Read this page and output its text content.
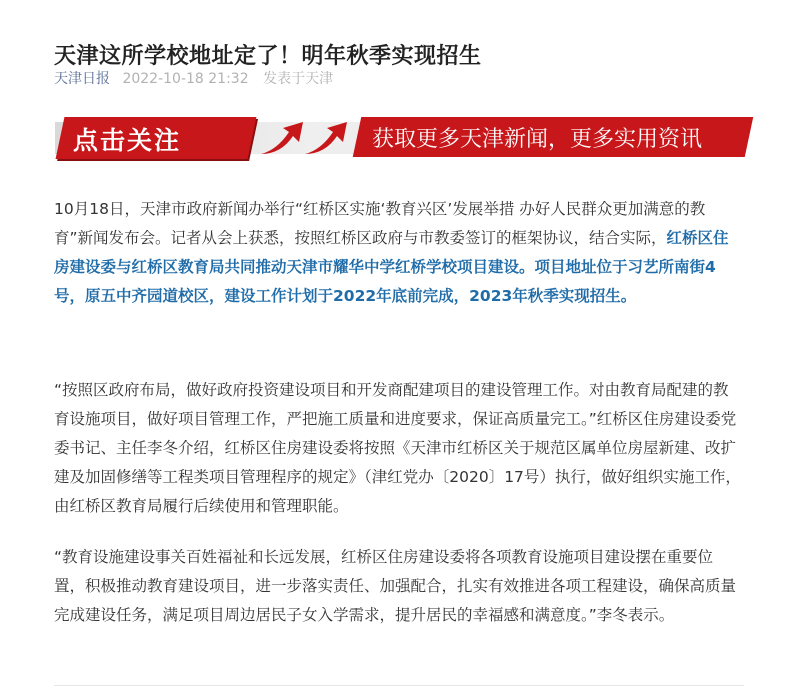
天津这所学校地址定了！明年秋季实现招生
天津日报 2022-10-18 21:32 发表于天津
点击关注	获取更多天津新闻，更多实用资讯

10月18日，天津市政府新闻办举行“红桥区实施‘教育兴区’发展举措 办好人民群众更加满意的教育”新闻发布会。记者从会上获悉，按照红桥区政府与市教委签订的框架协议，结合实际，红桥区住房建设委与红桥区教育局共同推动天津市耀华中学红桥学校项目建设。项目地址位于习艺所南街4号，原五中齐园道校区，建设工作计划于2022年底前完成，2023年秋季实现招生。

“按照区政府布局，做好政府投资建设项目和开发商配建项目的建设管理工作。对由教育局配建的教育设施项目，做好项目管理工作，严把施工质量和进度要求，保证高质量完工。”红桥区住房建设委党委书记、主任李冬介绍，红桥区住房建设委将按照《天津市红桥区关于规范区属单位房屋新建、改扩建及加固修缮等工程类项目管理程序的规定》（津红党办〔2020〕17号）执行，做好组织实施工作，由红桥区教育局履行后续使用和管理职能。

“教育设施建设事关百姓福祉和长远发展，红桥区住房建设委将各项教育设施项目建设摆在重要位置，积极推动教育建设项目，进一步落实责任、加强配合，扎实有效推进各项工程建设，确保高质量完成建设任务，满足项目周边居民子女入学需求，提升居民的幸福感和满意度。”李冬表示。
